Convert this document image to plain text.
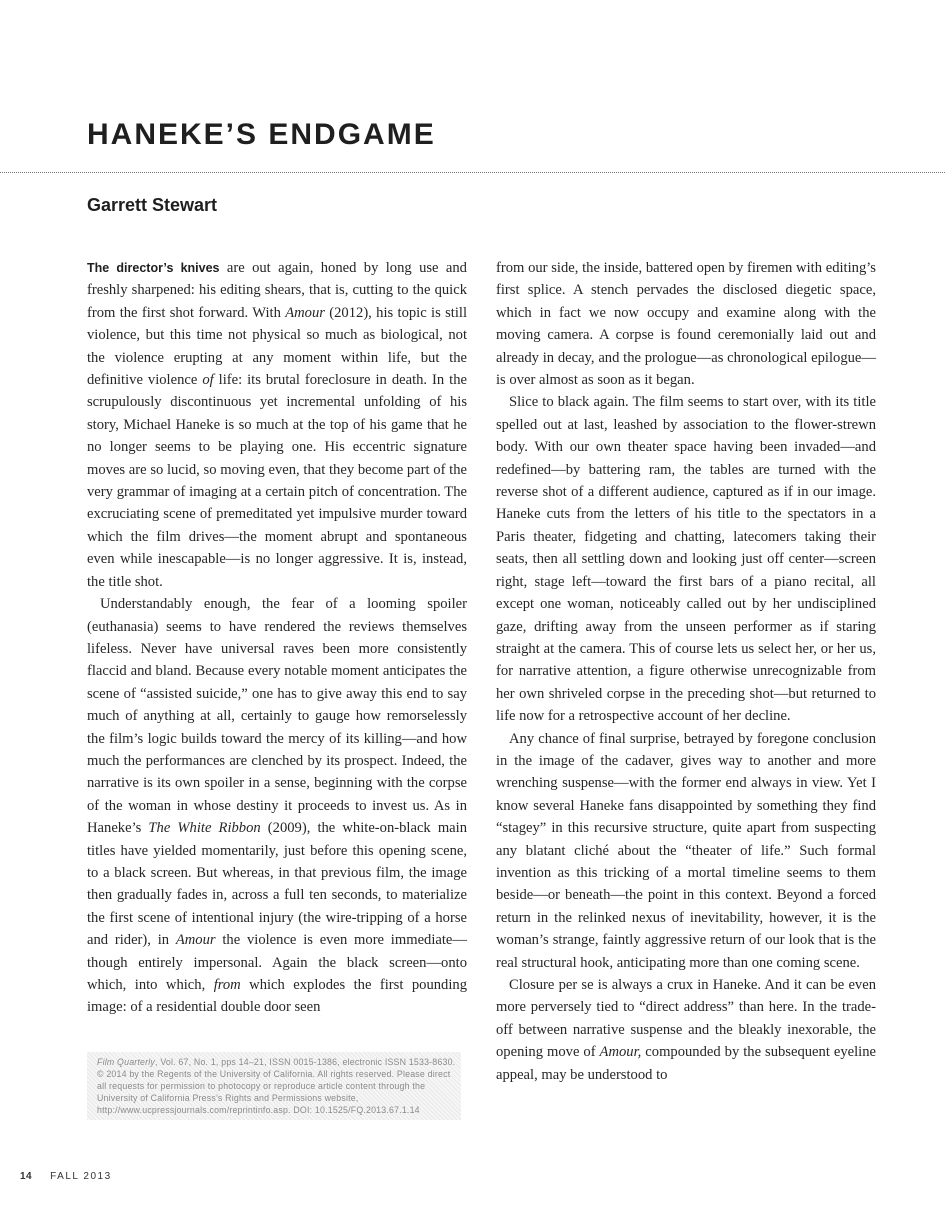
HANEKE’S ENDGAME
Garrett Stewart

The director’s knives are out again, honed by long use and freshly sharpened: his editing shears, that is, cutting to the quick from the first shot forward. With Amour (2012), his topic is still violence, but this time not physical so much as biological, not the violence erupting at any moment within life, but the definitive violence of life: its brutal foreclosure in death. In the scrupulously discontinuous yet incremental unfolding of his story, Michael Haneke is so much at the top of his game that he no longer seems to be playing one. His eccentric signature moves are so lucid, so moving even, that they become part of the very grammar of imaging at a certain pitch of concentration. The excruciating scene of premeditated yet impulsive murder toward which the film drives—the moment abrupt and spontaneous even while inescapable—is no longer aggressive. It is, instead, the title shot.

Understandably enough, the fear of a looming spoiler (euthanasia) seems to have rendered the reviews themselves lifeless. Never have universal raves been more consistently flaccid and bland. Because every notable moment anticipates the scene of “assisted suicide,” one has to give away this end to say much of anything at all, certainly to gauge how remorselessly the film’s logic builds toward the mercy of its killing—and how much the performances are clenched by its prospect. Indeed, the narrative is its own spoiler in a sense, beginning with the corpse of the woman in whose destiny it proceeds to invest us. As in Haneke’s The White Ribbon (2009), the white-on-black main titles have yielded momentarily, just before this opening scene, to a black screen. But whereas, in that previous film, the image then gradually fades in, across a full ten seconds, to materialize the first scene of intentional injury (the wire-tripping of a horse and rider), in Amour the violence is even more immediate—though entirely impersonal. Again the black screen—onto which, into which, from which explodes the first pounding image: of a residential double door seen

Film Quarterly, Vol. 67, No. 1, pps 14–21, ISSN 0015-1386, electronic ISSN 1533-8630. © 2014 by the Regents of the University of California. All rights reserved. Please direct all requests for permission to photocopy or reproduce article content through the University of California Press’s Rights and Permissions website, http://www.ucpressjournals.com/reprintinfo.asp. DOI: 10.1525/FQ.2013.67.1.14

from our side, the inside, battered open by firemen with editing’s first splice. A stench pervades the disclosed diegetic space, which in fact we now occupy and examine along with the moving camera. A corpse is found ceremonially laid out and already in decay, and the prologue—as chronological epilogue—is over almost as soon as it began.

Slice to black again. The film seems to start over, with its title spelled out at last, leashed by association to the flower-strewn body. With our own theater space having been invaded—and redefined—by battering ram, the tables are turned with the reverse shot of a different audience, captured as if in our image. Haneke cuts from the letters of his title to the spectators in a Paris theater, fidgeting and chatting, latecomers taking their seats, then all settling down and looking just off center—screen right, stage left—toward the first bars of a piano recital, all except one woman, noticeably called out by her undisciplined gaze, drifting away from the unseen performer as if staring straight at the camera. This of course lets us select her, or her us, for narrative attention, a figure otherwise unrecognizable from her own shriveled corpse in the preceding shot—but returned to life now for a retrospective account of her decline.

Any chance of final surprise, betrayed by foregone conclusion in the image of the cadaver, gives way to another and more wrenching suspense—with the former end always in view. Yet I know several Haneke fans disappointed by something they find “stagey” in this recursive structure, quite apart from suspecting any blatant cliché about the “theater of life.” Such formal invention as this tricking of a mortal timeline seems to them beside—or beneath—the point in this context. Beyond a forced return in the relinked nexus of inevitability, however, it is the woman’s strange, faintly aggressive return of our look that is the real structural hook, anticipating more than one coming scene.

Closure per se is always a crux in Haneke. And it can be even more perversely tied to “direct address” than here. In the trade-off between narrative suspense and the bleakly inexorable, the opening move of Amour, compounded by the subsequent eyeline appeal, may be understood to

14 FALL 2013
